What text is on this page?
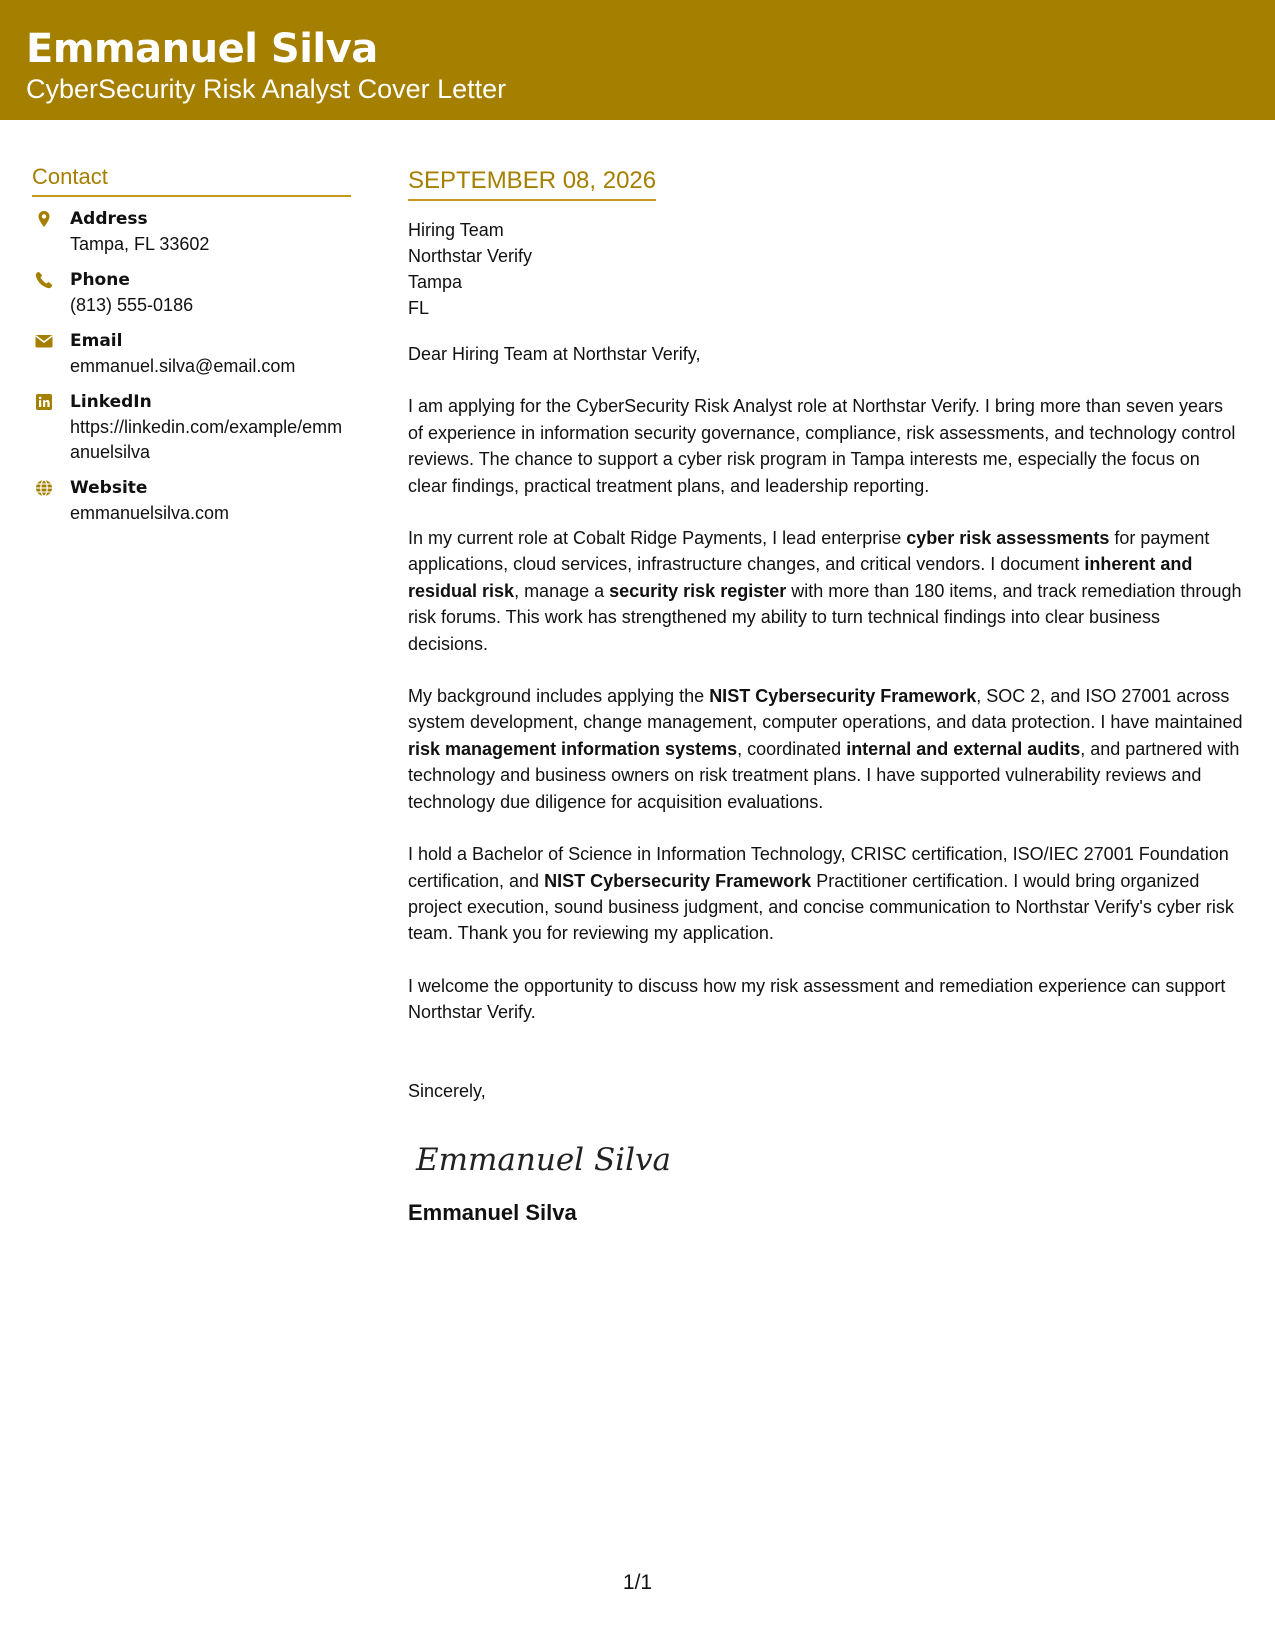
Emmanuel Silva
CyberSecurity Risk Analyst Cover Letter
Contact
Address
Tampa, FL 33602
Phone
(813) 555-0186
Email
emmanuel.silva@email.com
LinkedIn
https://linkedin.com/example/emmanuelsilva
Website
emmanuelsilva.com
SEPTEMBER 08, 2026
Hiring Team
Northstar Verify
Tampa
FL

Dear Hiring Team at Northstar Verify,

I am applying for the CyberSecurity Risk Analyst role at Northstar Verify. I bring more than seven years of experience in information security governance, compliance, risk assessments, and technology control reviews. The chance to support a cyber risk program in Tampa interests me, especially the focus on clear findings, practical treatment plans, and leadership reporting.

In my current role at Cobalt Ridge Payments, I lead enterprise cyber risk assessments for payment applications, cloud services, infrastructure changes, and critical vendors. I document inherent and residual risk, manage a security risk register with more than 180 items, and track remediation through risk forums. This work has strengthened my ability to turn technical findings into clear business decisions.

My background includes applying the NIST Cybersecurity Framework, SOC 2, and ISO 27001 across system development, change management, computer operations, and data protection. I have maintained risk management information systems, coordinated internal and external audits, and partnered with technology and business owners on risk treatment plans. I have supported vulnerability reviews and technology due diligence for acquisition evaluations.

I hold a Bachelor of Science in Information Technology, CRISC certification, ISO/IEC 27001 Foundation certification, and NIST Cybersecurity Framework Practitioner certification. I would bring organized project execution, sound business judgment, and concise communication to Northstar Verify's cyber risk team. Thank you for reviewing my application.

I welcome the opportunity to discuss how my risk assessment and remediation experience can support Northstar Verify.

Sincerely,
Emmanuel Silva
Emmanuel Silva
1/1
